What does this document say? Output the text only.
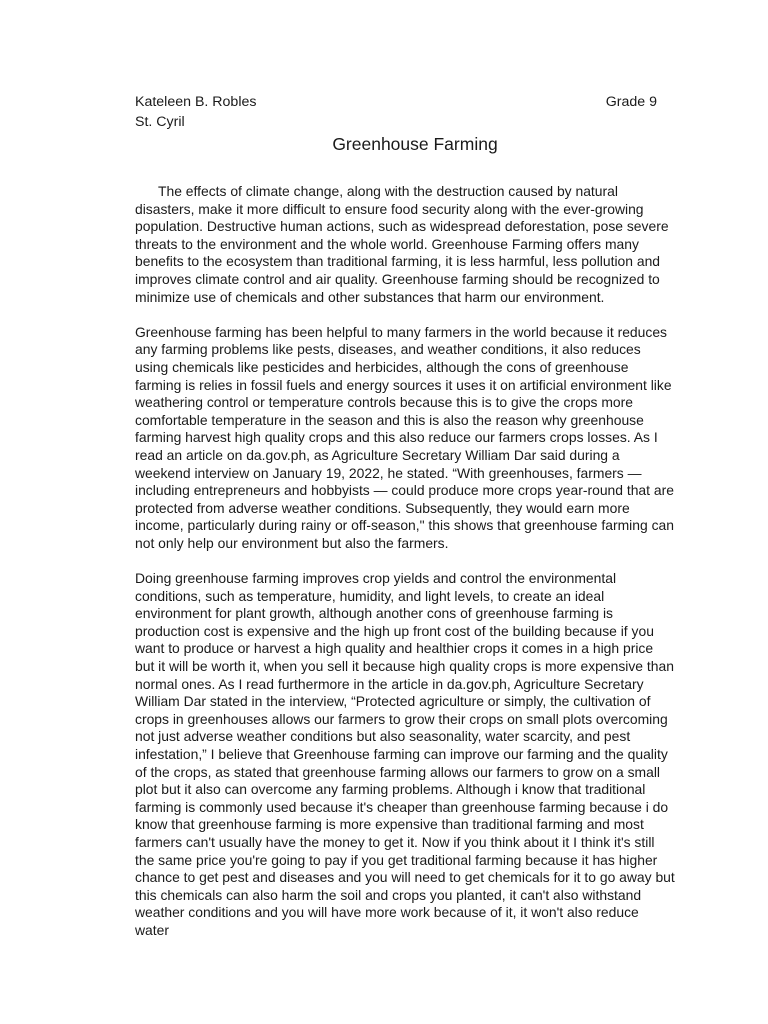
Kateleen B. Robles	Grade 9
St. Cyril
Greenhouse Farming

The effects of climate change, along with the destruction caused by natural disasters, make it more difficult to ensure food security along with the ever-growing population. Destructive human actions, such as widespread deforestation, pose severe threats to the environment and the whole world. Greenhouse Farming offers many benefits to the ecosystem than traditional farming, it is less harmful, less pollution and improves climate control and air quality. Greenhouse farming should be recognized to minimize use of chemicals and other substances that harm our environment.

Greenhouse farming has been helpful to many farmers in the world because it reduces any farming problems like pests, diseases, and weather conditions, it also reduces using chemicals like pesticides and herbicides, although the cons of greenhouse farming is relies in fossil fuels and energy sources it uses it on artificial environment like weathering control or temperature controls because this is to give the crops more comfortable temperature in the season and this is also the reason why greenhouse farming harvest high quality crops and this also reduce our farmers crops losses. As I read an article on da.gov.ph, as Agriculture Secretary William Dar said during a weekend interview on January 19, 2022, he stated. “With greenhouses, farmers — including entrepreneurs and hobbyists — could produce more crops year-round that are protected from adverse weather conditions. Subsequently, they would earn more income, particularly during rainy or off-season," this shows that greenhouse farming can not only help our environment but also the farmers.

Doing greenhouse farming improves crop yields and control the environmental conditions, such as temperature, humidity, and light levels, to create an ideal environment for plant growth, although another cons of greenhouse farming is production cost is expensive and the high up front cost of the building because if you want to produce or harvest a high quality and healthier crops it comes in a high price but it will be worth it, when you sell it because high quality crops is more expensive than normal ones. As I read furthermore in the article in da.gov.ph, Agriculture Secretary William Dar stated in the interview, “Protected agriculture or simply, the cultivation of crops in greenhouses allows our farmers to grow their crops on small plots overcoming not just adverse weather conditions but also seasonality, water scarcity, and pest infestation,” I believe that Greenhouse farming can improve our farming and the quality of the crops, as stated that greenhouse farming allows our farmers to grow on a small plot but it also can overcome any farming problems. Although i know that traditional farming is commonly used because it's cheaper than greenhouse farming because i do know that greenhouse farming is more expensive than traditional farming and most farmers can't usually have the money to get it. Now if you think about it I think it's still the same price you're going to pay if you get traditional farming because it has higher chance to get pest and diseases and you will need to get chemicals for it to go away but this chemicals can also harm the soil and crops you planted, it can't also withstand weather conditions and you will have more work because of it, it won't also reduce water
